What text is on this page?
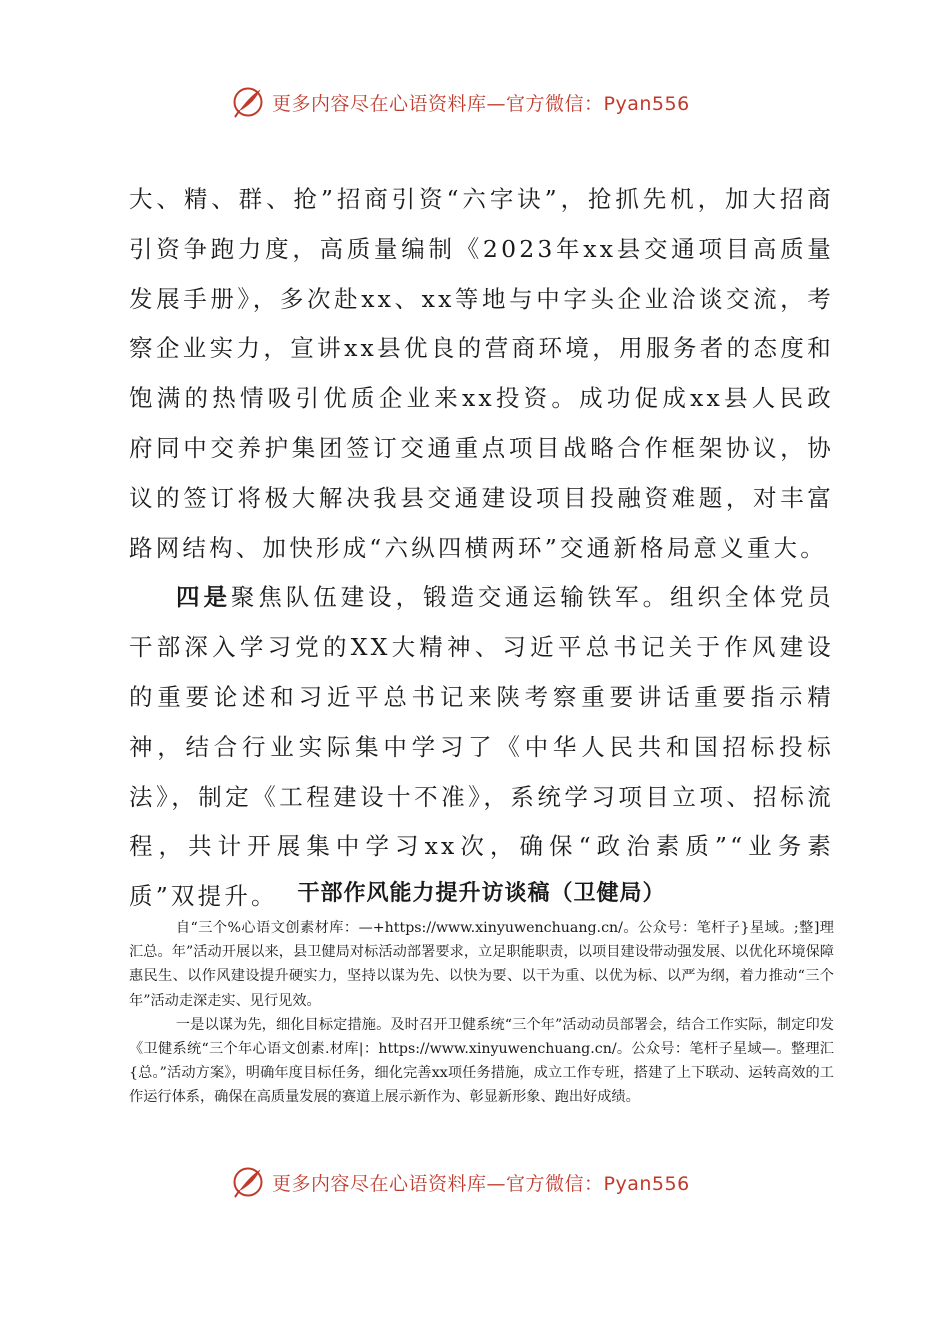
更多内容尽在心语资料库—官方微信：Pyan556

大、精、群、抢”招商引资“六字诀”，抢抓先机，加大招商引资争跑力度，高质量编制《2023年xx县交通项目高质量发展手册》，多次赴xx、xx等地与中字头企业洽谈交流，考察企业实力，宣讲xx县优良的营商环境，用服务者的态度和饱满的热情吸引优质企业来xx投资。成功促成xx县人民政府同中交养护集团签订交通重点项目战略合作框架协议，协议的签订将极大解决我县交通建设项目投融资难题，对丰富路网结构、加快形成“六纵四横两环”交通新格局意义重大。

四是聚焦队伍建设，锻造交通运输铁军。组织全体党员干部深入学习党的XX大精神、习近平总书记关于作风建设的重要论述和习近平总书记来陕考察重要讲话重要指示精神，结合行业实际集中学习了《中华人民共和国招标投标法》，制定《工程建设十不准》，系统学习项目立项、招标流程，共计开展集中学习xx次，确保“政治素质”“业务素质”双提升。 干部作风能力提升访谈稿（卫健局）

自“三个%心语文创素材库：—+https://www.xinyuwenchuang.cn/。公众号：笔杆子}星域。;整]理汇总。年”活动开展以来，县卫健局对标活动部署要求，立足职能职责，以项目建设带动强发展、以优化环境保障惠民生、以作风建设提升硬实力，坚持以谋为先、以快为要、以干为重、以优为标、以严为纲，着力推动“三个年”活动走深走实、见行见效。

一是以谋为先，细化目标定措施。及时召开卫健系统“三个年”活动动员部署会，结合工作实际，制定印发《卫健系统“三个年心语文创素.材库|：https://www.xinyuwenchuang.cn/。公众号：笔杆子星域—。整理汇{总。”活动方案》，明确年度目标任务，细化完善xx项任务措施，成立工作专班，搭建了上下联动、运转高效的工作运行体系，确保在高质量发展的赛道上展示新作为、彰显新形象、跑出好成绩。

更多内容尽在心语资料库—官方微信：Pyan556
